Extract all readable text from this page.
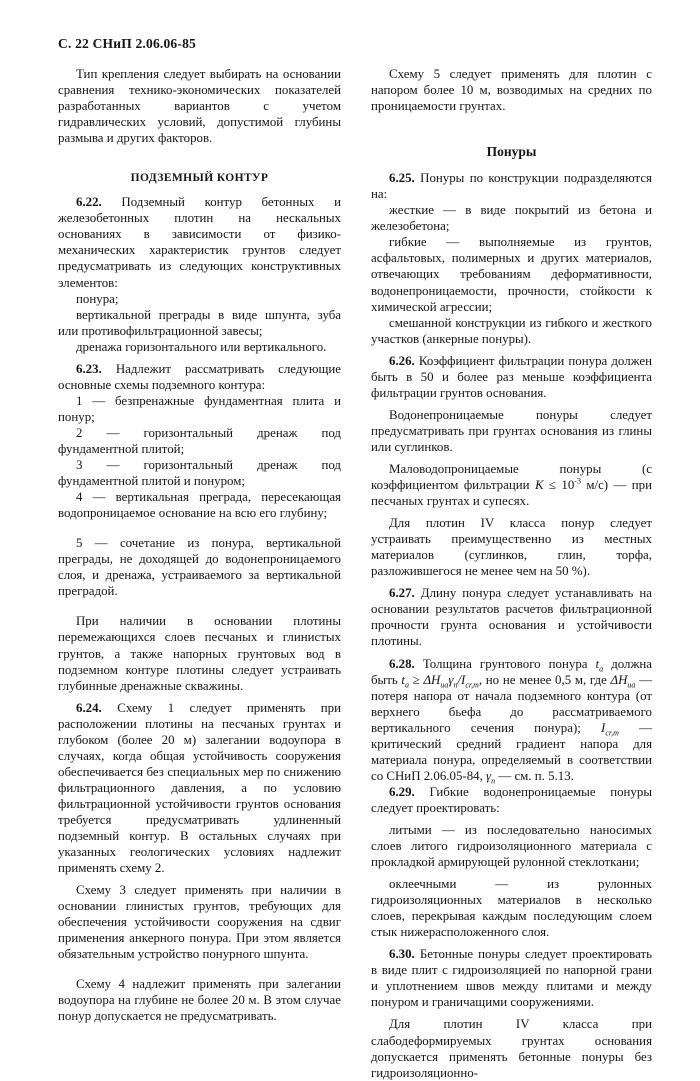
С. 22 СНиП 2.06.06-85

Тип крепления следует выбирать на основании сравнения технико-экономических показателей разработанных вариантов с учетом гидравлических условий, допустимой глубины размыва и других факторов.

ПОДЗЕМНЫЙ КОНТУР

6.22. Подземный контур бетонных и железобетонных плотин на нескальных основаниях в зависимости от физико-механических характеристик грунтов следует предусматривать из следующих конструктивных элементов:

понура;

вертикальной преграды в виде шпунта, зуба или противофильтрационной завесы;

дренажа горизонтального или вертикального.

6.23. Надлежит рассматривать следующие основные схемы подземного контура:

1 — безпренажные фундаментная плита и понур;

2 — горизонтальный дренаж под фундаментной плитой;

3 — горизонтальный дренаж под фундаментной плитой и понуром;

4 — вертикальная преграда, пересекающая водопроницаемое основание на всю его глубину;

5 — сочетание из понура, вертикальной преграды, не доходящей до водонепроницаемого слоя, и дренажа, устраиваемого за вертикальной преградой.

При наличии в основании плотины перемежающихся слоев песчаных и глинистых грунтов, а также напорных грунтовых вод в подземном контуре плотины следует устраивать глубинные дренажные скважины.

6.24. Схему 1 следует применять при расположении плотины на песчаных грунтах и глубоком (более 20 м) залегании водоупора в случаях, когда общая устойчивость сооружения обеспечивается без специальных мер по снижению фильтрационного давления, а по условию фильтрационной устойчивости грунтов основания требуется предусматривать удлиненный подземный контур. В остальных случаях при указанных геологических условиях надлежит применять схему 2.

Схему 3 следует применять при наличии в основании глинистых грунтов, требующих для обеспечения устойчивости сооружения на сдвиг применения анкерного понура. При этом является обязательным устройство понурного шпунта.

Схему 4 надлежит применять при залегании водоупора на глубине не более 20 м. В этом случае понур допускается не предусматривать.

Схему 5 следует применять для плотин с напором более 10 м, возводимых на средних по проницаемости грунтах.

Понуры

6.25. Понуры по конструкции подразделяются на:

жесткие — в виде покрытий из бетона и железобетона;

гибкие — выполняемые из грунтов, асфальтовых, полимерных и других материалов, отвечающих требованиям деформативности, водонепроницаемости, прочности, стойкости к химической агрессии;

смешанной конструкции из гибкого и жесткого участков (анкерные понуры).

6.26. Коэффициент фильтрации понура должен быть в 50 и более раз меньше коэффициента фильтрации грунтов основания.

Водонепроницаемые понуры следует предусматривать при грунтах основания из глины или суглинков.

Маловодопроницаемые понуры (с коэффициентом фильтрации $K \le 10^{-3}$ м/с) — при песчаных грунтах и супесях.

Для плотин IV класса понур следует устраивать преимущественно из местных материалов (суглинков, глин, торфа, разложившегося не менее чем на 50 %).

6.27. Длину понура следует устанавливать на основании результатов расчетов фильтрационной прочности грунта основания и устойчивости плотины.

6.28. Толщина грунтового понура $t_a$ должна быть $t_a \ge \Delta H_{ua}\gamma_n/I_{cr,m}$, но не менее 0,5 м, где $\Delta H_{ua}$ — потеря напора от начала подземного контура (от верхнего бьефа до рассматриваемого вертикального сечения понура); $I_{cr,m}$ — критический средний градиент напора для материала понура, определяемый в соответствии со СНиП 2.06.05-84, $\gamma_n$ — см. п. 5.13.

6.29. Гибкие водонепроницаемые понуры следует проектировать:

литыми — из последовательно наносимых слоев литого гидроизоляционного материала с прокладкой армирующей рулонной стеклоткани;

оклеечными — из рулонных гидроизоляционных материалов в несколько слоев, перекрывая каждым последующим слоем стык нижерасположенного слоя.

6.30. Бетонные понуры следует проектировать в виде плит с гидроизоляцией по напорной грани и уплотнением швов между плитами и между понуром и граничащими сооружениями.

Для плотин IV класса при слабодеформируемых грунтах основания допускается применять бетонные понуры без гидроизоляционно-
